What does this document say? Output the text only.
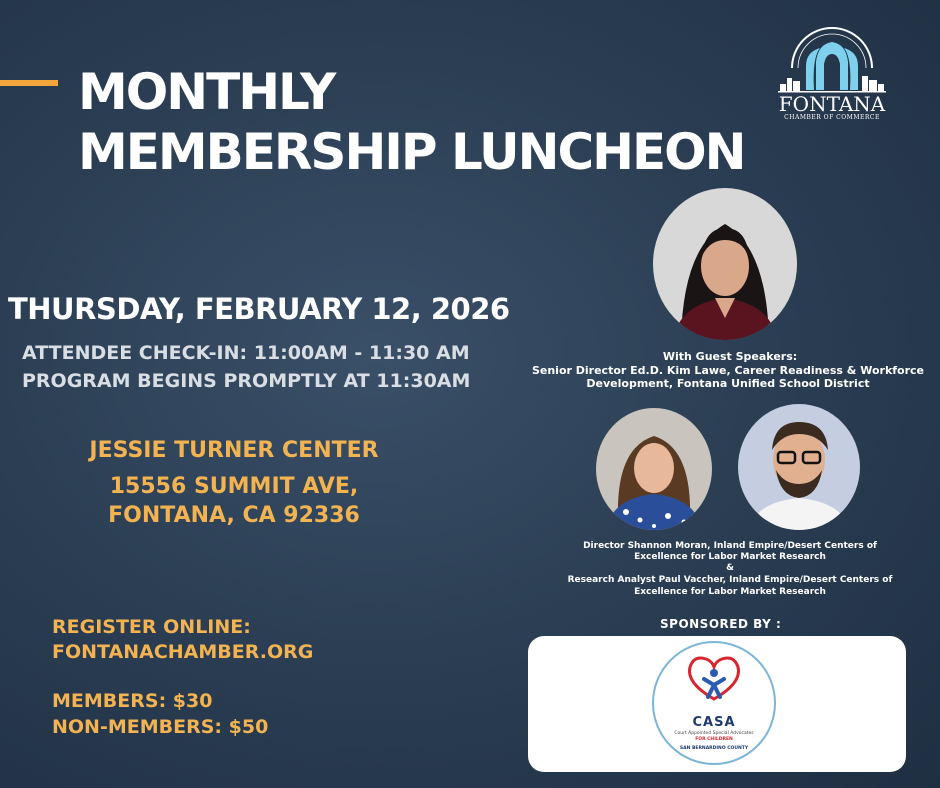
MONTHLY
MEMBERSHIP LUNCHEON
FONTANA
CHAMBER OF COMMERCE
THURSDAY, FEBRUARY 12, 2026
ATTENDEE CHECK-IN: 11:00AM - 11:30 AM
PROGRAM BEGINS PROMPTLY AT 11:30AM
JESSIE TURNER CENTER
15556 SUMMIT AVE,
FONTANA, CA 92336
REGISTER ONLINE:
FONTANACHAMBER.ORG
MEMBERS: $30
NON-MEMBERS: $50
With Guest Speakers:
Senior Director Ed.D. Kim Lawe, Career Readiness & Workforce
Development, Fontana Unified School District
Director Shannon Moran, Inland Empire/Desert Centers of
Excellence for Labor Market Research
&
Research Analyst Paul Vaccher, Inland Empire/Desert Centers of
Excellence for Labor Market Research
SPONSORED BY :
CASA
Court Appointed Special Advocates
FOR CHILDREN
SAN BERNARDINO COUNTY
